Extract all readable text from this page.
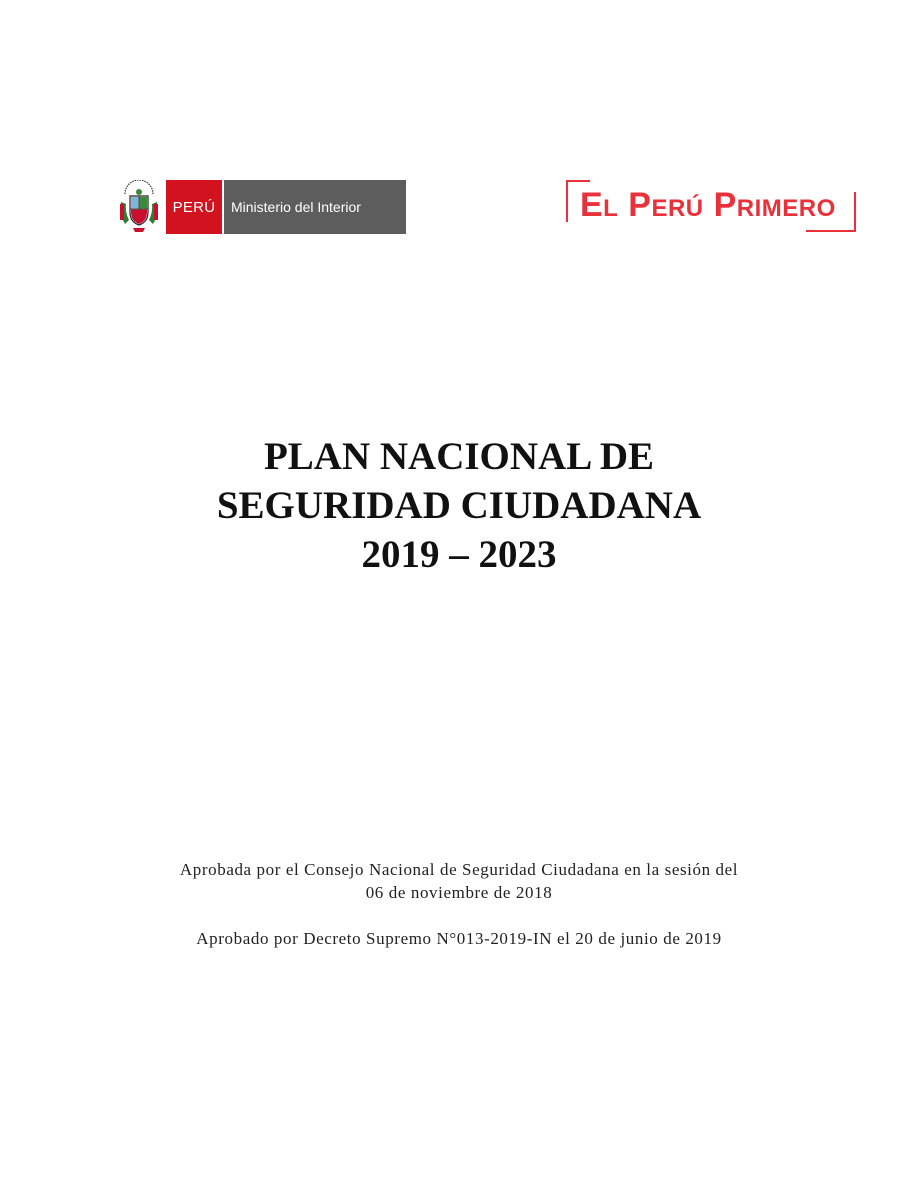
PERÚ	Ministerio del Interior	El Perú Primero
PLAN NACIONAL DE
SEGURIDAD CIUDADANA
2019 – 2023
Aprobada por el Consejo Nacional de Seguridad Ciudadana en la sesión del
06 de noviembre de 2018
Aprobado por Decreto Supremo N°013-2019-IN el 20 de junio de 2019
